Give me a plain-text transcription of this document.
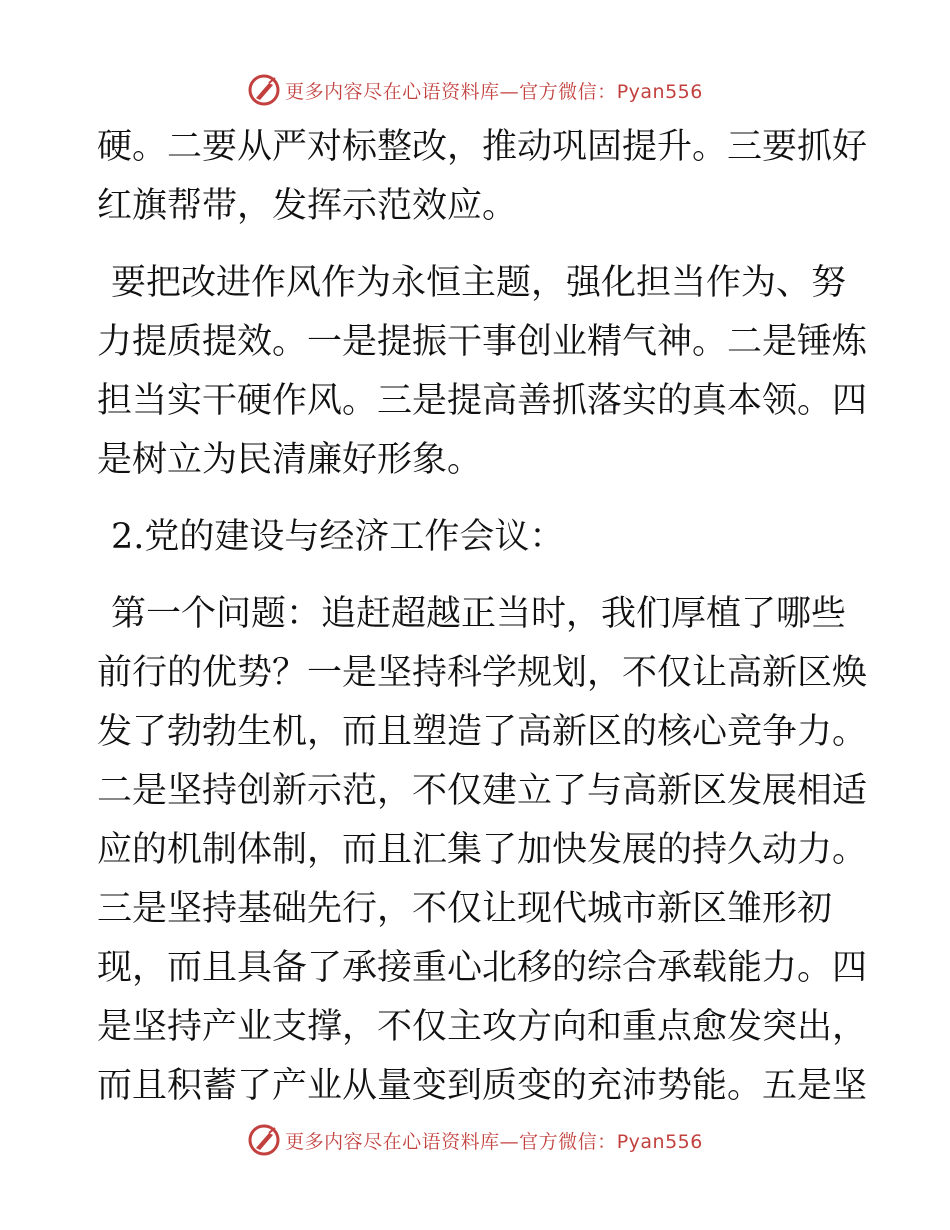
更多内容尽在心语资料库—官方微信：Pyan556
硬。二要从严对标整改，推动巩固提升。三要抓好
红旗帮带，发挥示范效应。
要把改进作风作为永恒主题，强化担当作为、努
力提质提效。一是提振干事创业精气神。二是锤炼
担当实干硬作风。三是提高善抓落实的真本领。四
是树立为民清廉好形象。
2.党的建设与经济工作会议：
第一个问题：追赶超越正当时，我们厚植了哪些
前行的优势？一是坚持科学规划，不仅让高新区焕
发了勃勃生机，而且塑造了高新区的核心竞争力。
二是坚持创新示范，不仅建立了与高新区发展相适
应的机制体制，而且汇集了加快发展的持久动力。
三是坚持基础先行，不仅让现代城市新区雏形初
现，而且具备了承接重心北移的综合承载能力。四
是坚持产业支撑，不仅主攻方向和重点愈发突出，
而且积蓄了产业从量变到质变的充沛势能。五是坚
更多内容尽在心语资料库—官方微信：Pyan556
